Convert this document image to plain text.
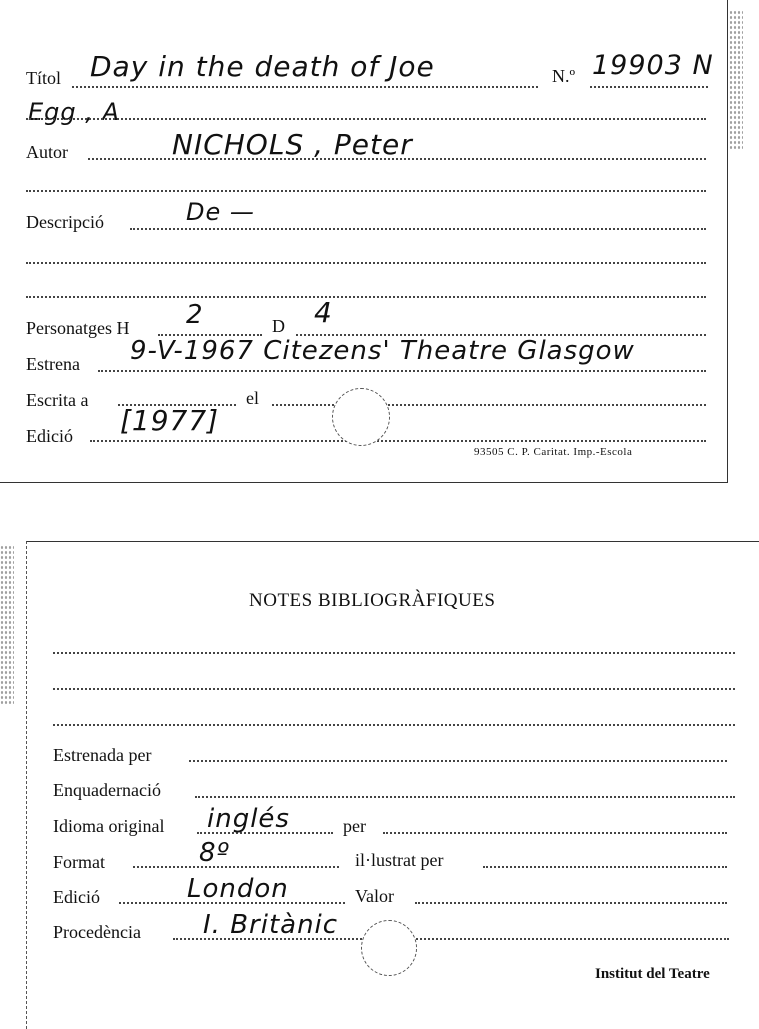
Títol Day in the death of Joe	N.º 19903 N
Egg , A
Autor	NICHOLS , Peter
Descripció	De —
Personatges H 2	D 4
Estrena 9-V-1967 Citezens' Theatre Glasgow
Escrita a	el
Edició [1977]
93505 C. P. Caritat. Imp.-Escola
NOTES BIBLIOGRÀFIQUES
Estrenada per
Enquadernació
Idioma original inglés	per
Format	8º	il·lustrat per
Edició	London	Valor
Procedència I. Britànic
Institut del Teatre
